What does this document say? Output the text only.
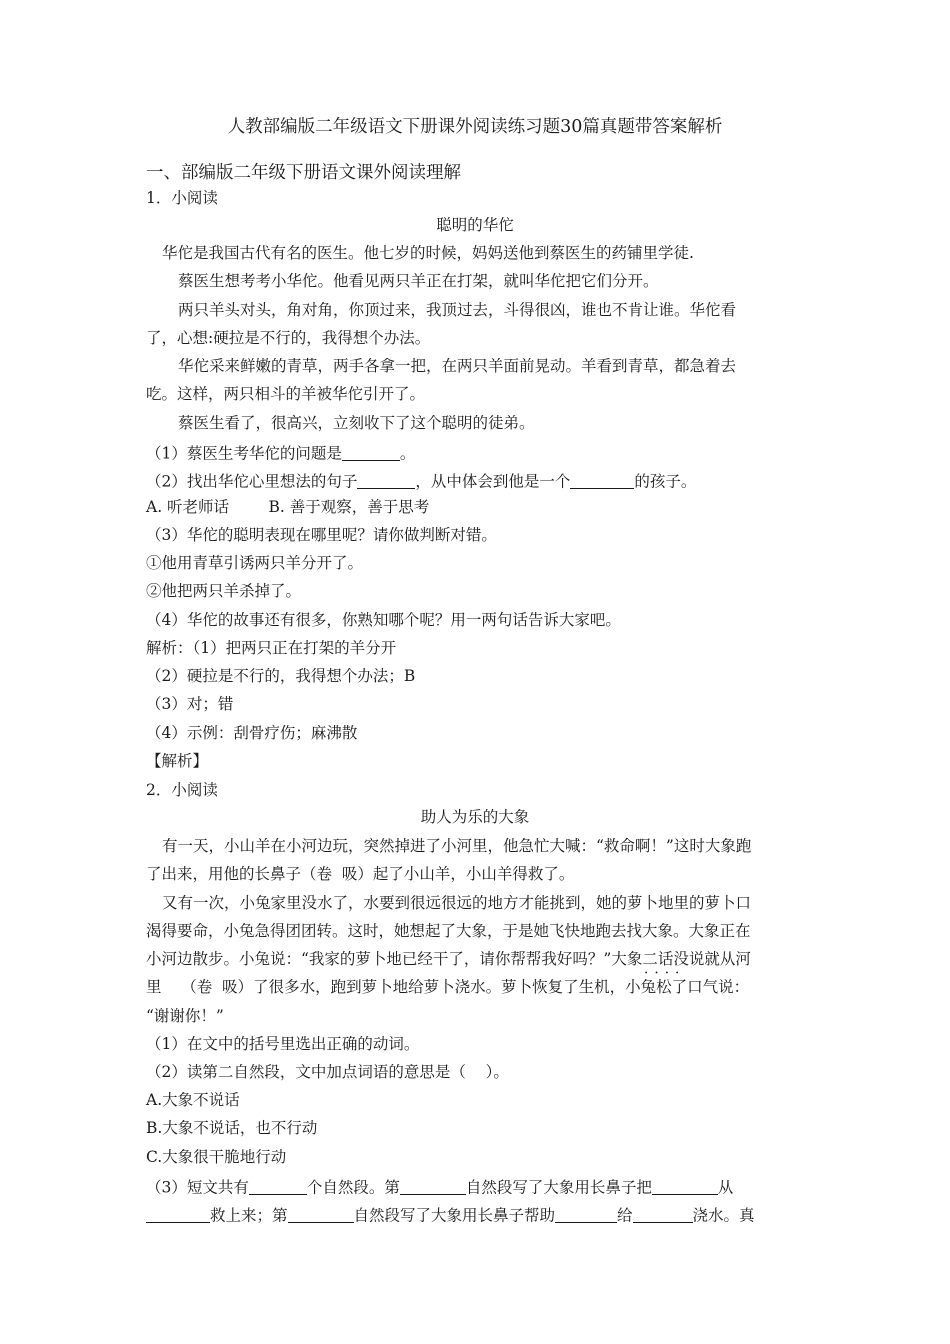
人教部编版二年级语文下册课外阅读练习题30篇真题带答案解析
一、部编版二年级下册语文课外阅读理解
1．小阅读
聪明的华佗
华佗是我国古代有名的医生。他七岁的时候，妈妈送他到蔡医生的药铺里学徒.
蔡医生想考考小华佗。他看见两只羊正在打架，就叫华佗把它们分开。
两只羊头对头，角对角，你顶过来，我顶过去，斗得很凶，谁也不肯让谁。华佗看
了，心想:硬拉是不行的，我得想个办法。
华佗采来鲜嫩的青草，两手各拿一把，在两只羊面前晃动。羊看到青草，都急着去
吃。这样，两只相斗的羊被华佗引开了。
蔡医生看了，很高兴，立刻收下了这个聪明的徒弟。
（1）蔡医生考华佗的问题是	。
（2）找出华佗心里想法的句子	，从中体会到他是一个	的孩子。
A. 听老师话        B. 善于观察，善于思考
（3）华佗的聪明表现在哪里呢？请你做判断对错。
①他用青草引诱两只羊分开了。
②他把两只羊杀掉了。
（4）华佗的故事还有很多，你熟知哪个呢？用一两句话告诉大家吧。
解析：（1）把两只正在打架的羊分开
（2）硬拉是不行的，我得想个办法；B
（3）对；错
（4）示例：刮骨疗伤；麻沸散
【解析】
2．小阅读
助人为乐的大象
有一天，小山羊在小河边玩，突然掉进了小河里，他急忙大喊：“救命啊！”这时大象跑
了出来，用他的长鼻子（卷  吸）起了小山羊，小山羊得救了。
又有一次，小兔家里没水了，水要到很远很远的地方才能挑到，她的萝卜地里的萝卜口
渴得要命，小兔急得团团转。这时，她想起了大象，于是她飞快地跑去找大象。大象正在
小河边散步。小兔说：“我家的萝卜地已经干了，请你帮帮我好吗？”大象二话没说 • •就从河
里    （卷  吸）了很多水，跑到萝卜地给萝卜浇水。萝卜恢复了生机，小兔松了口气说：
“谢谢你！”
（1）在文中的括号里选出正确的动词。
（2）读第二自然段，文中加点词语的意思是（    ）。
A.大象不说话
B.大象不说话，也不行动
C.大象很干脆地行动
（3）短文共有	个自然段。第	自然段写了大象用长鼻子把	从
救上来；第	自然段写了大象用长鼻子帮助	给	浇水。真
